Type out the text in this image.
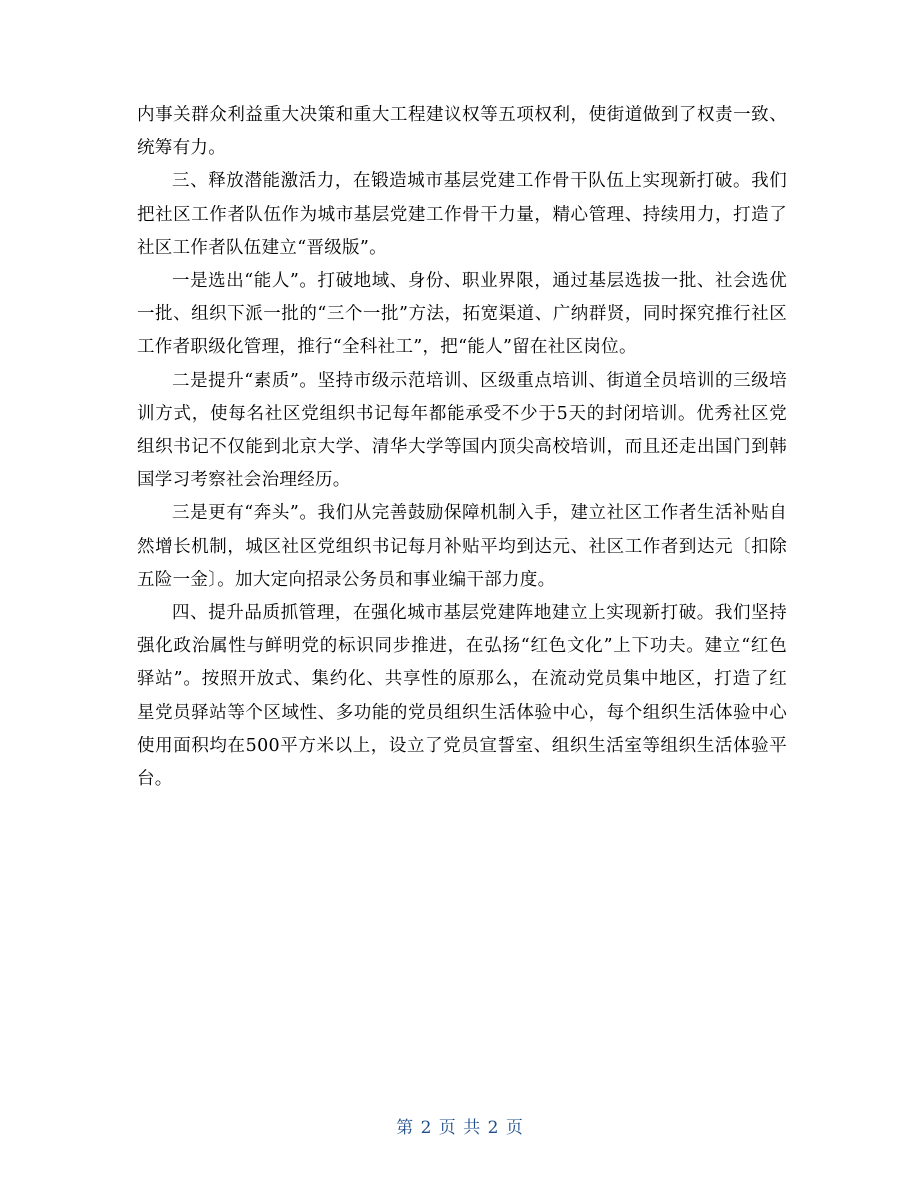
内事关群众利益重大决策和重大工程建议权等五项权利，使街道做到了权责一致、统筹有力。

三、释放潜能激活力，在锻造城市基层党建工作骨干队伍上实现新打破。我们把社区工作者队伍作为城市基层党建工作骨干力量，精心管理、持续用力，打造了社区工作者队伍建立“晋级版”。

一是选出“能人”。打破地域、身份、职业界限，通过基层选拔一批、社会选优一批、组织下派一批的“三个一批”方法，拓宽渠道、广纳群贤，同时探究推行社区工作者职级化管理，推行“全科社工”，把“能人”留在社区岗位。

二是提升“素质”。坚持市级示范培训、区级重点培训、街道全员培训的三级培训方式，使每名社区党组织书记每年都能承受不少于5天的封闭培训。优秀社区党组织书记不仅能到北京大学、清华大学等国内顶尖高校培训，而且还走出国门到韩国学习考察社会治理经历。

三是更有“奔头”。我们从完善鼓励保障机制入手，建立社区工作者生活补贴自然增长机制，城区社区党组织书记每月补贴平均到达元、社区工作者到达元〔扣除五险一金〕。加大定向招录公务员和事业编干部力度。

四、提升品质抓管理，在强化城市基层党建阵地建立上实现新打破。我们坚持强化政治属性与鲜明党的标识同步推进，在弘扬“红色文化”上下功夫。建立“红色驿站”。按照开放式、集约化、共享性的原那么，在流动党员集中地区，打造了红星党员驿站等个区域性、多功能的党员组织生活体验中心，每个组织生活体验中心使用面积均在500平方米以上，设立了党员宣誓室、组织生活室等组织生活体验平台。

第 2 页 共 2 页
